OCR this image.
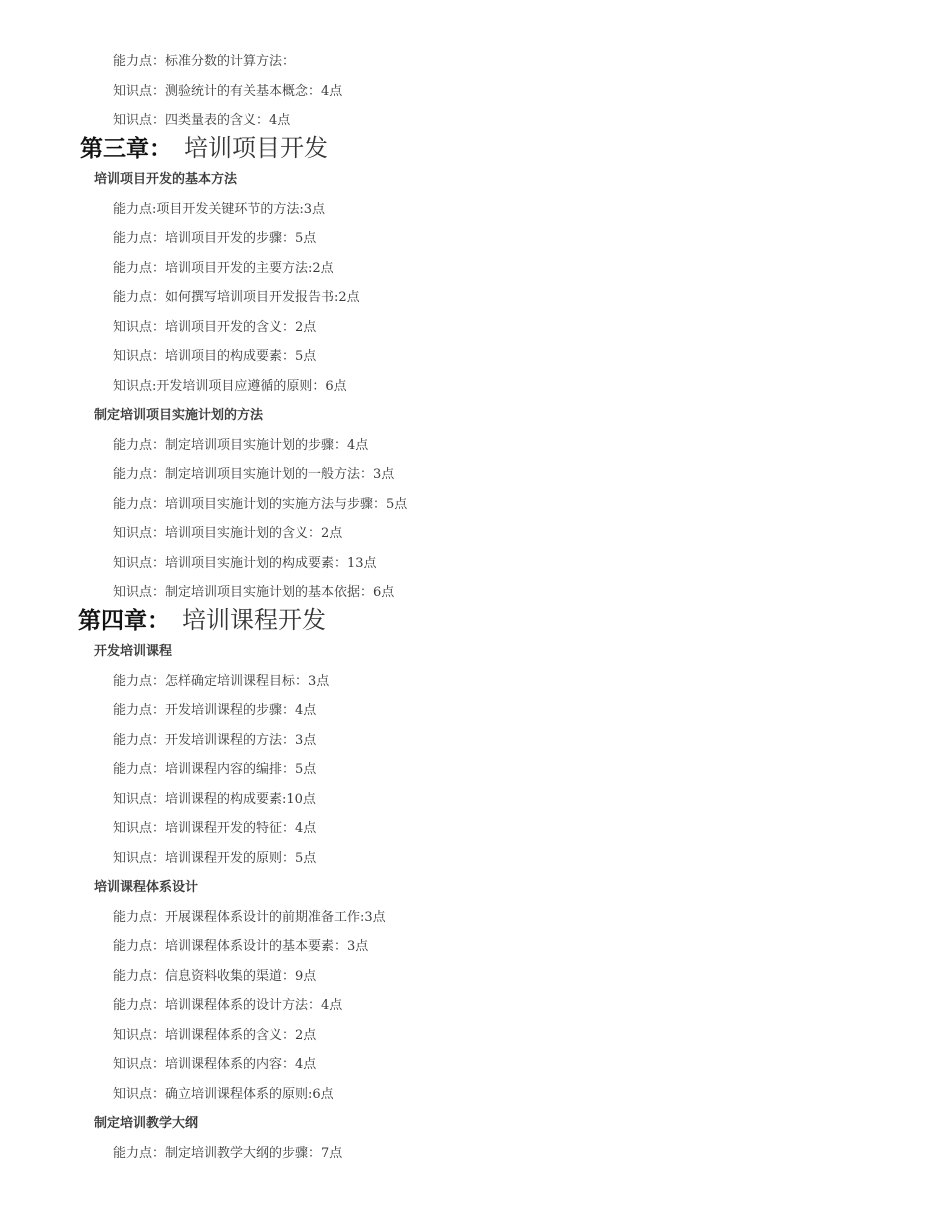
能力点：标准分数的计算方法：
知识点：测验统计的有关基本概念：4点
知识点：四类量表的含义：4点
第三章： 培训项目开发
培训项目开发的基本方法
能力点:项目开发关键环节的方法:3点
能力点：培训项目开发的步骤：5点
能力点：培训项目开发的主要方法:2点
能力点：如何撰写培训项目开发报告书:2点
知识点：培训项目开发的含义：2点
知识点：培训项目的构成要素：5点
知识点:开发培训项目应遵循的原则：6点
制定培训项目实施计划的方法
能力点：制定培训项目实施计划的步骤：4点
能力点：制定培训项目实施计划的一般方法：3点
能力点：培训项目实施计划的实施方法与步骤：5点
知识点：培训项目实施计划的含义：2点
知识点：培训项目实施计划的构成要素：13点
知识点：制定培训项目实施计划的基本依据：6点
第四章： 培训课程开发
开发培训课程
能力点：怎样确定培训课程目标：3点
能力点：开发培训课程的步骤：4点
能力点：开发培训课程的方法：3点
能力点：培训课程内容的编排：5点
知识点：培训课程的构成要素:10点
知识点：培训课程开发的特征：4点
知识点：培训课程开发的原则：5点
培训课程体系设计
能力点：开展课程体系设计的前期准备工作:3点
能力点：培训课程体系设计的基本要素：3点
能力点：信息资料收集的渠道：9点
能力点：培训课程体系的设计方法：4点
知识点：培训课程体系的含义：2点
知识点：培训课程体系的内容：4点
知识点：确立培训课程体系的原则:6点
制定培训教学大纲
能力点：制定培训教学大纲的步骤：7点
